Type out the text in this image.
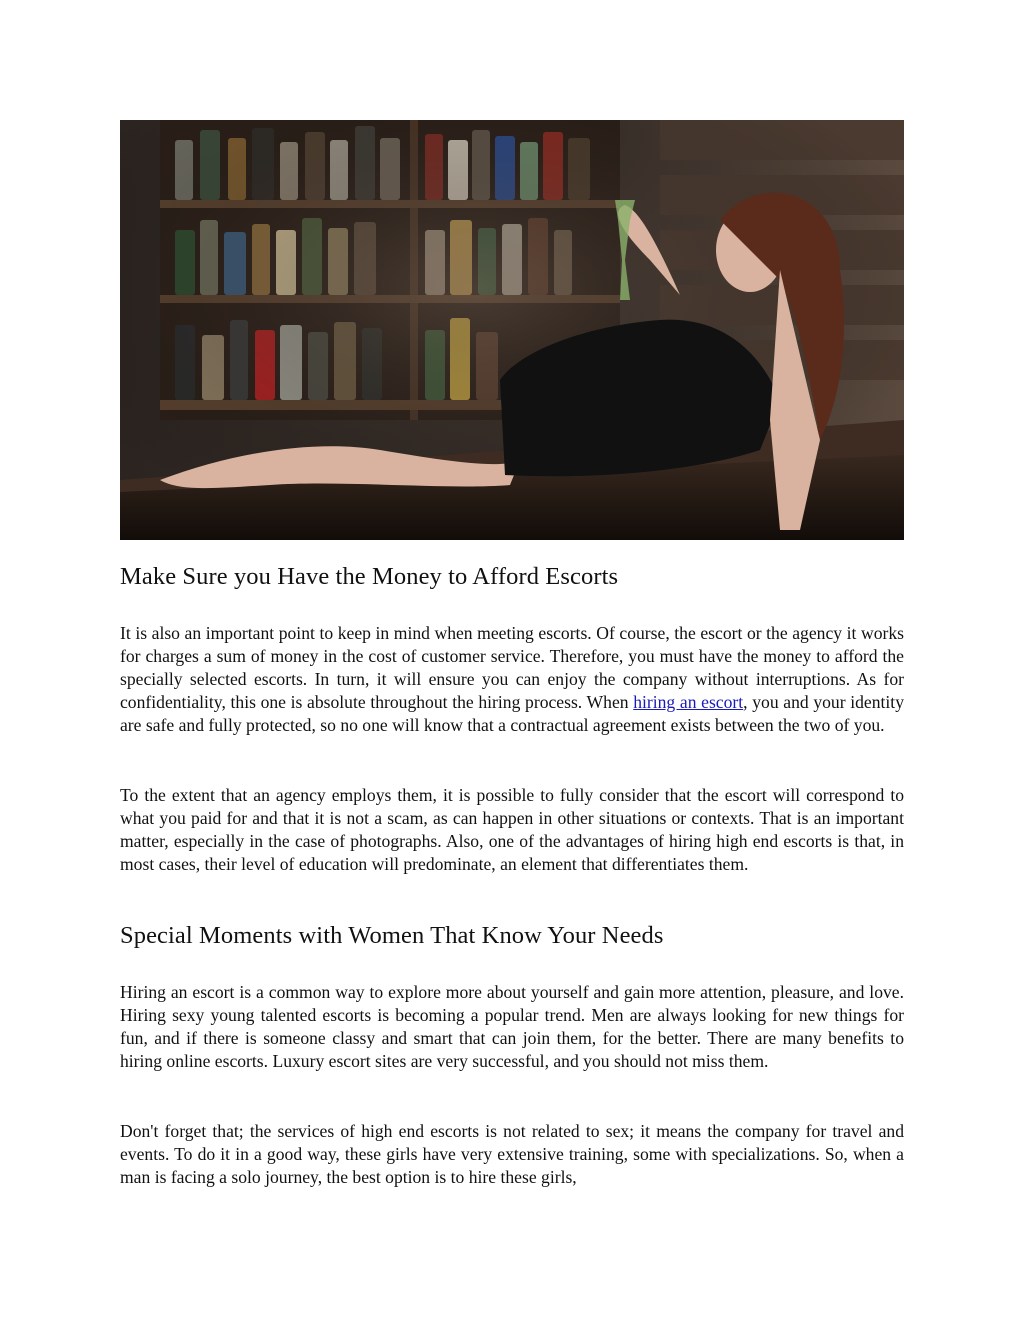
Make Sure you Have the Money to Afford Escorts

It is also an important point to keep in mind when meeting escorts. Of course, the escort or the agency it works for charges a sum of money in the cost of customer service. Therefore, you must have the money to afford the specially selected escorts. In turn, it will ensure you can enjoy the company without interruptions. As for confidentiality, this one is absolute throughout the hiring process. When hiring an escort, you and your identity are safe and fully protected, so no one will know that a contractual agreement exists between the two of you.

To the extent that an agency employs them, it is possible to fully consider that the escort will correspond to what you paid for and that it is not a scam, as can happen in other situations or contexts. That is an important matter, especially in the case of photographs. Also, one of the advantages of hiring high end escorts is that, in most cases, their level of education will predominate, an element that differentiates them.

Special Moments with Women That Know Your Needs

Hiring an escort is a common way to explore more about yourself and gain more attention, pleasure, and love. Hiring sexy young talented escorts is becoming a popular trend. Men are always looking for new things for fun, and if there is someone classy and smart that can join them, for the better. There are many benefits to hiring online escorts. Luxury escort sites are very successful, and you should not miss them.

Don't forget that; the services of high end escorts is not related to sex; it means the company for travel and events. To do it in a good way, these girls have very extensive training, some with specializations. So, when a man is facing a solo journey, the best option is to hire these girls,
